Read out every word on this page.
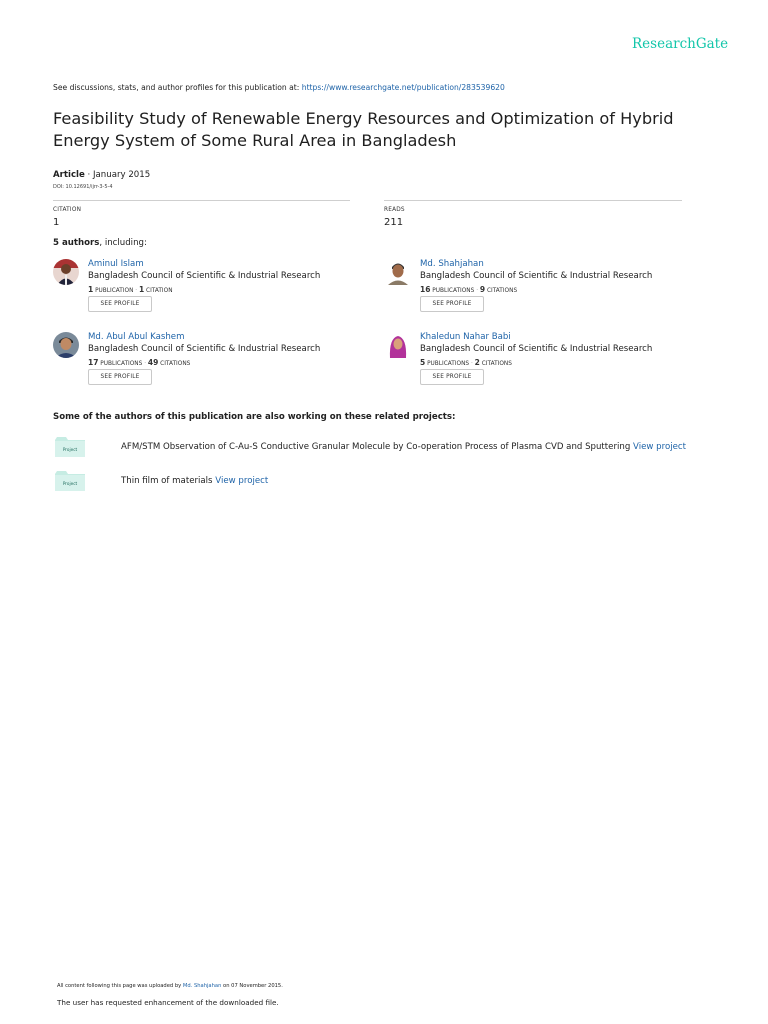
ResearchGate
See discussions, stats, and author profiles for this publication at: https://www.researchgate.net/publication/283539620
Feasibility Study of Renewable Energy Resources and Optimization of Hybrid Energy System of Some Rural Area in Bangladesh
Article · January 2015
DOI: 10.12691/ijrr-3-5-4
CITATION
1
READS
211
5 authors, including:
Aminul Islam
Bangladesh Council of Scientific & Industrial Research
1 PUBLICATION · 1 CITATION
SEE PROFILE
Md. Shahjahan
Bangladesh Council of Scientific & Industrial Research
16 PUBLICATIONS · 9 CITATIONS
SEE PROFILE
Md. Abul Abul Kashem
Bangladesh Council of Scientific & Industrial Research
17 PUBLICATIONS · 49 CITATIONS
SEE PROFILE
Khaledun Nahar Babi
Bangladesh Council of Scientific & Industrial Research
5 PUBLICATIONS · 2 CITATIONS
SEE PROFILE
Some of the authors of this publication are also working on these related projects:
Project	AFM/STM Observation of C-Au-S Conductive Granular Molecule by Co-operation Process of Plasma CVD and Sputtering View project
Project	Thin film of materials View project
All content following this page was uploaded by Md. Shahjahan on 07 November 2015.
The user has requested enhancement of the downloaded file.
